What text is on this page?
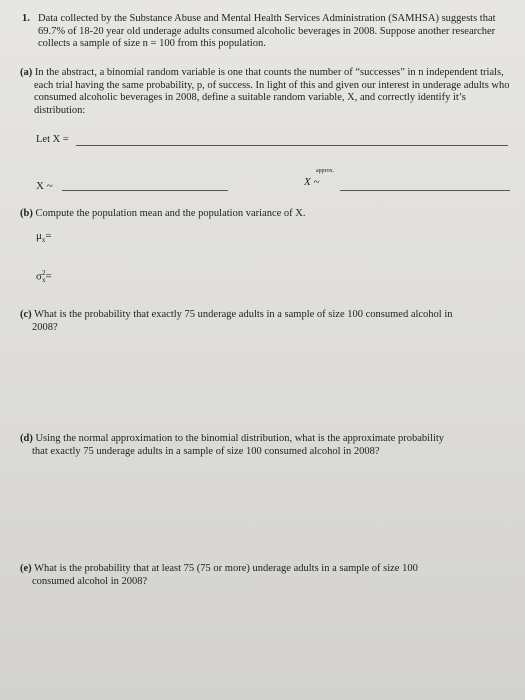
1. Data collected by the Substance Abuse and Mental Health Services Administration (SAMHSA) suggests that 69.7% of 18-20 year old underage adults consumed alcoholic beverages in 2008. Suppose another researcher collects a sample of size n = 100 from this population.
(a) In the abstract, a binomial random variable is one that counts the number of “successes” in n independent trials, each trial having the same probability, p, of success. In light of this and given our interest in underage adults who consumed alcoholic beverages in 2008, define a suitable random variable, X, and correctly identify it’s distribution:
Let X =
X ~
approx.
X ~
(b) Compute the population mean and the population variance of X.
$\mu_x=$
σ 2
x =
(c) What is the probability that exactly 75 underage adults in a sample of size 100 consumed alcohol in
2008?
(d) Using the normal approximation to the binomial distribution, what is the approximate probability
that exactly 75 underage adults in a sample of size 100 consumed alcohol in 2008?
(e) What is the probability that at least 75 (75 or more) underage adults in a sample of size 100
consumed alcohol in 2008?
